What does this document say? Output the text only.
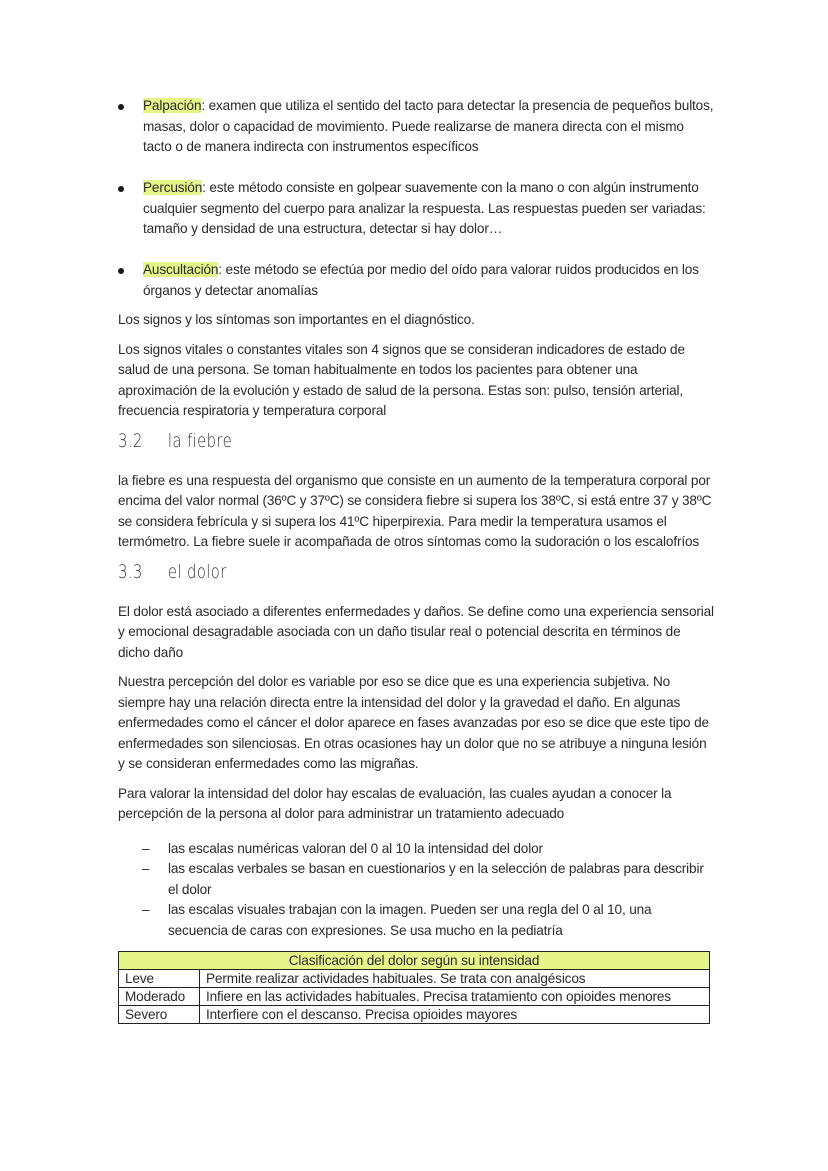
Palpación: examen que utiliza el sentido del tacto para detectar la presencia de pequeños bultos, masas, dolor o capacidad de movimiento. Puede realizarse de manera directa con el mismo tacto o de manera indirecta con instrumentos específicos
Percusión: este método consiste en golpear suavemente con la mano o con algún instrumento cualquier segmento del cuerpo para analizar la respuesta. Las respuestas pueden ser variadas: tamaño y densidad de una estructura, detectar si hay dolor…
Auscultación: este método se efectúa por medio del oído para valorar ruidos producidos en los órganos y detectar anomalías

Los signos y los síntomas son importantes en el diagnóstico.

Los signos vitales o constantes vitales son 4 signos que se consideran indicadores de estado de salud de una persona. Se toman habitualmente en todos los pacientes para obtener una aproximación de la evolución y estado de salud de la persona. Estas son: pulso, tensión arterial, frecuencia respiratoria y temperatura corporal

3.2	la fiebre

la fiebre es una respuesta del organismo que consiste en un aumento de la temperatura corporal por encima del valor normal (36ºC y 37ºC) se considera fiebre si supera los 38ºC, si está entre 37 y 38ºC se considera febrícula y si supera los 41ºC hiperpirexia. Para medir la temperatura usamos el termómetro. La fiebre suele ir acompañada de otros síntomas como la sudoración o los escalofríos

3.3	el dolor

El dolor está asociado a diferentes enfermedades y daños. Se define como una experiencia sensorial y emocional desagradable asociada con un daño tisular real o potencial descrita en términos de dicho daño

Nuestra percepción del dolor es variable por eso se dice que es una experiencia subjetiva. No siempre hay una relación directa entre la intensidad del dolor y la gravedad el daño. En algunas enfermedades como el cáncer el dolor aparece en fases avanzadas por eso se dice que este tipo de enfermedades son silenciosas. En otras ocasiones hay un dolor que no se atribuye a ninguna lesión y se consideran enfermedades como las migrañas.

Para valorar la intensidad del dolor hay escalas de evaluación, las cuales ayudan a conocer la percepción de la persona al dolor para administrar un tratamiento adecuado

– las escalas numéricas valoran del 0 al 10 la intensidad del dolor
– las escalas verbales se basan en cuestionarios y en la selección de palabras para describir el dolor
– las escalas visuales trabajan con la imagen. Pueden ser una regla del 0 al 10, una secuencia de caras con expresiones. Se usa mucho en la pediatría
Clasificación del dolor según su intensidad	
Leve	Permite realizar actividades habituales. Se trata con analgésicos
Moderado	Infiere en las actividades habituales. Precisa tratamiento con opioides menores
Severo	Interfiere con el descanso. Precisa opioides mayores
